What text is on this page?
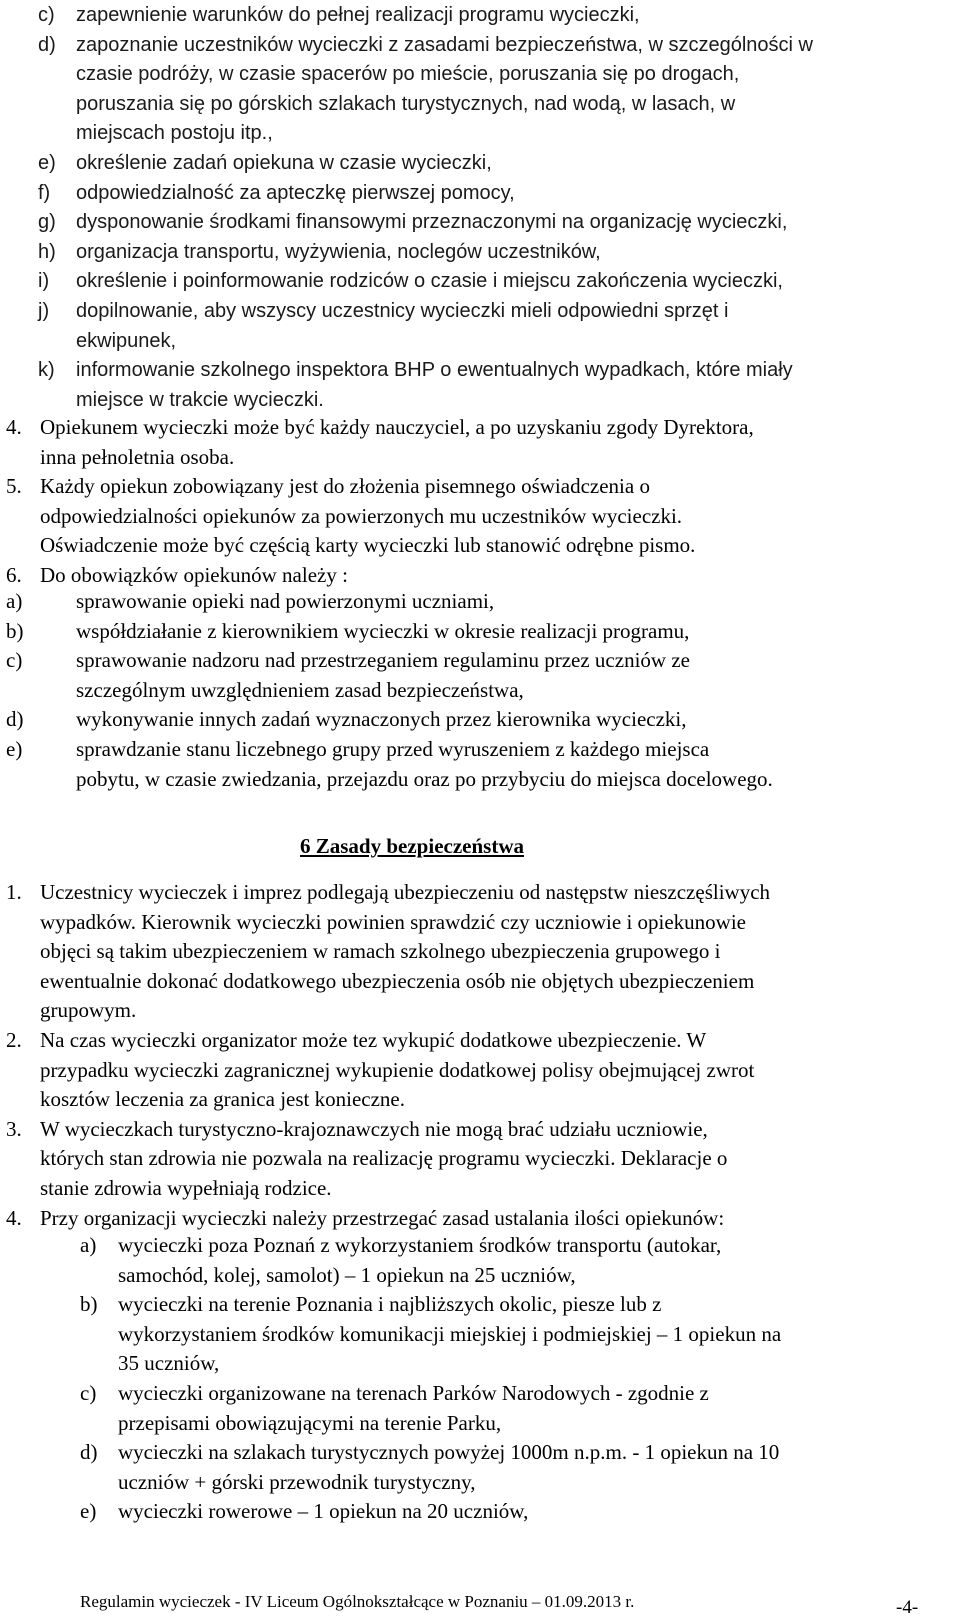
c) zapewnienie warunków do pełnej realizacji programu wycieczki,
d) zapoznanie uczestników wycieczki z zasadami bezpieczeństwa, w szczególności w
czasie podróży, w czasie spacerów po mieście, poruszania się po drogach,
poruszania się po górskich szlakach turystycznych, nad wodą, w lasach, w
miejscach postoju itp.,
e) określenie zadań opiekuna w czasie wycieczki,
f) odpowiedzialność za apteczkę pierwszej pomocy,
g) dysponowanie środkami finansowymi przeznaczonymi na organizację wycieczki,
h) organizacja transportu, wyżywienia, noclegów uczestników,
i) określenie i poinformowanie rodziców o czasie i miejscu zakończenia wycieczki,
j) dopilnowanie, aby wszyscy uczestnicy wycieczki mieli odpowiedni sprzęt i
ekwipunek,
k) informowanie szkolnego inspektora BHP o ewentualnych wypadkach, które miały
miejsce w trakcie wycieczki.
4. Opiekunem wycieczki może być każdy nauczyciel, a po uzyskaniu zgody Dyrektora,
inna pełnoletnia osoba.
5. Każdy opiekun zobowiązany jest do złożenia pisemnego oświadczenia o
odpowiedzialności opiekunów za powierzonych mu uczestników wycieczki.
Oświadczenie może być częścią karty wycieczki lub stanowić odrębne pismo.
6. Do obowiązków opiekunów należy :
a)	sprawowanie opieki nad powierzonymi uczniami,
b)	współdziałanie z kierownikiem wycieczki w okresie realizacji programu,
c)	sprawowanie nadzoru nad przestrzeganiem regulaminu przez uczniów ze
szczególnym uwzględnieniem zasad bezpieczeństwa,
d)	wykonywanie innych zadań wyznaczonych przez kierownika wycieczki,
e)	sprawdzanie stanu liczebnego grupy przed wyruszeniem z każdego miejsca
pobytu, w czasie zwiedzania, przejazdu oraz po przybyciu do miejsca docelowego.
6 Zasady bezpieczeństwa
1. Uczestnicy wycieczek i imprez podlegają ubezpieczeniu od następstw nieszczęśliwych
wypadków. Kierownik wycieczki powinien sprawdzić czy uczniowie i opiekunowie
objęci są takim ubezpieczeniem w ramach szkolnego ubezpieczenia grupowego i
ewentualnie dokonać dodatkowego ubezpieczenia osób nie objętych ubezpieczeniem
grupowym.
2. Na czas wycieczki organizator może tez wykupić dodatkowe ubezpieczenie. W
przypadku wycieczki zagranicznej wykupienie dodatkowej polisy obejmującej zwrot
kosztów leczenia za granica jest konieczne.
3. W wycieczkach turystyczno-krajoznawczych nie mogą brać udziału uczniowie,
których stan zdrowia nie pozwala na realizację programu wycieczki. Deklaracje o
stanie zdrowia wypełniają rodzice.
4. Przy organizacji wycieczki należy przestrzegać zasad ustalania ilości opiekunów:
a) wycieczki poza Poznań z wykorzystaniem środków transportu (autokar,
samochód, kolej, samolot) – 1 opiekun na 25 uczniów,
b) wycieczki na terenie Poznania i najbliższych okolic, piesze lub z
wykorzystaniem środków komunikacji miejskiej i podmiejskiej – 1 opiekun na
35 uczniów,
c) wycieczki organizowane na terenach Parków Narodowych - zgodnie z
przepisami obowiązującymi na terenie Parku,
d) wycieczki na szlakach turystycznych powyżej 1000m n.p.m. - 1 opiekun na 10
uczniów + górski przewodnik turystyczny,
e) wycieczki rowerowe – 1 opiekun na 20 uczniów,
Regulamin wycieczek - IV Liceum Ogólnokształcące w Poznaniu – 01.09.2013 r.	-4-
